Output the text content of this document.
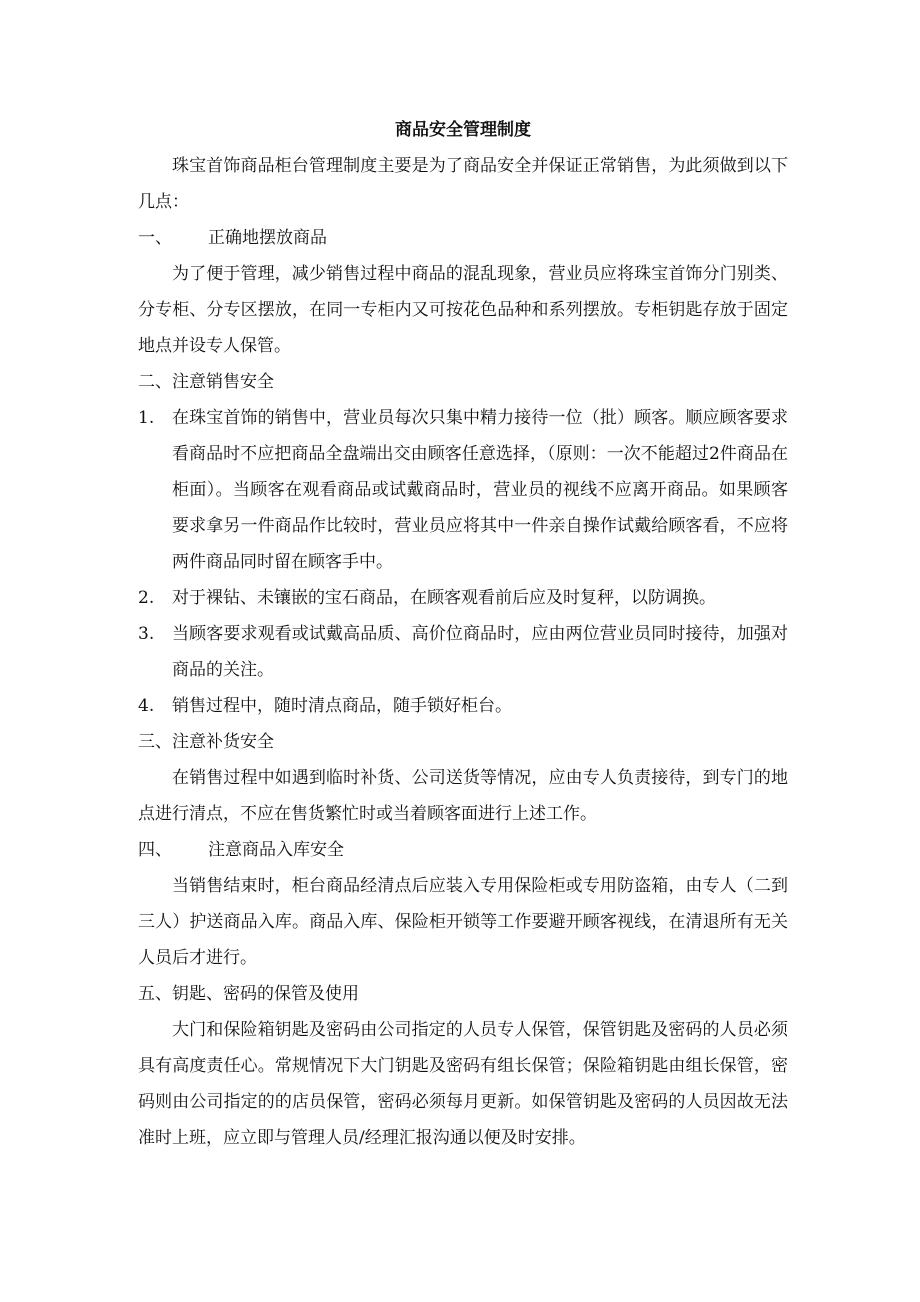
商品安全管理制度

珠宝首饰商品柜台管理制度主要是为了商品安全并保证正常销售，为此须做到以下几点：

一、 正确地摆放商品

为了便于管理，减少销售过程中商品的混乱现象，营业员应将珠宝首饰分门别类、分专柜、分专区摆放，在同一专柜内又可按花色品种和系列摆放。专柜钥匙存放于固定地点并设专人保管。

二、注意销售安全

1.	在珠宝首饰的销售中，营业员每次只集中精力接待一位（批）顾客。顺应顾客要求看商品时不应把商品全盘端出交由顾客任意选择，（原则：一次不能超过2件商品在柜面）。当顾客在观看商品或试戴商品时，营业员的视线不应离开商品。如果顾客要求拿另一件商品作比较时，营业员应将其中一件亲自操作试戴给顾客看，不应将两件商品同时留在顾客手中。
2.	对于裸钻、未镶嵌的宝石商品，在顾客观看前后应及时复秤，以防调换。
3.	当顾客要求观看或试戴高品质、高价位商品时，应由两位营业员同时接待，加强对商品的关注。
4.	销售过程中，随时清点商品，随手锁好柜台。

三、注意补货安全

在销售过程中如遇到临时补货、公司送货等情况，应由专人负责接待，到专门的地点进行清点，不应在售货繁忙时或当着顾客面进行上述工作。

四、 注意商品入库安全

当销售结束时，柜台商品经清点后应装入专用保险柜或专用防盗箱，由专人（二到三人）护送商品入库。商品入库、保险柜开锁等工作要避开顾客视线，在清退所有无关人员后才进行。

五、钥匙、密码的保管及使用

大门和保险箱钥匙及密码由公司指定的人员专人保管，保管钥匙及密码的人员必须具有高度责任心。常规情况下大门钥匙及密码有组长保管；保险箱钥匙由组长保管，密码则由公司指定的的店员保管，密码必须每月更新。如保管钥匙及密码的人员因故无法准时上班，应立即与管理人员/经理汇报沟通以便及时安排。
